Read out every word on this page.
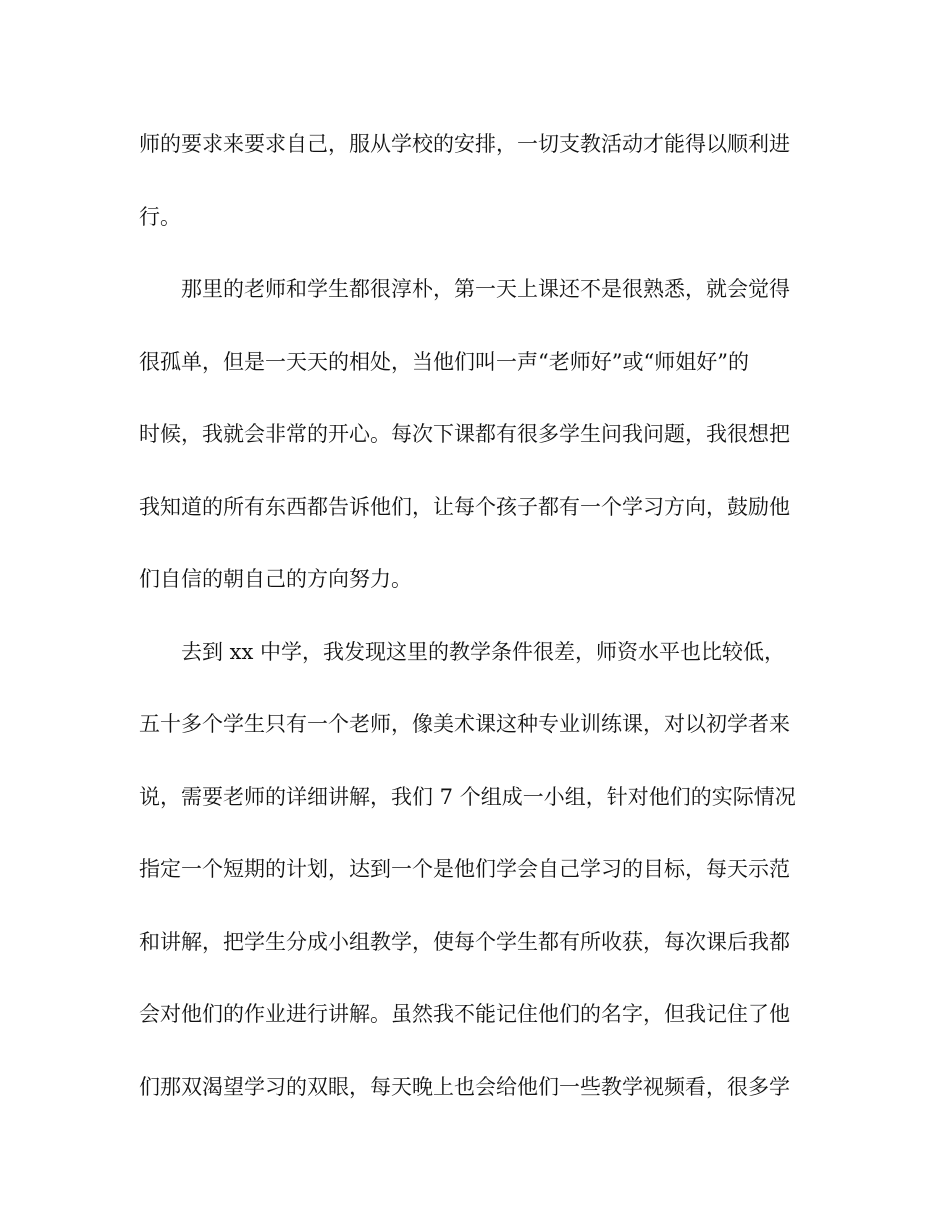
师的要求来要求自己，服从学校的安排，一切支教活动才能得以顺利进
行。
那里的老师和学生都很淳朴，第一天上课还不是很熟悉，就会觉得
很孤单，但是一天天的相处，当他们叫一声“老师好”或“师姐好”的
时候，我就会非常的开心。每次下课都有很多学生问我问题，我很想把
我知道的所有东西都告诉他们，让每个孩子都有一个学习方向，鼓励他
们自信的朝自己的方向努力。
去到 xx 中学，我发现这里的教学条件很差，师资水平也比较低，
五十多个学生只有一个老师，像美术课这种专业训练课，对以初学者来
说，需要老师的详细讲解，我们 7 个组成一小组，针对他们的实际情况
指定一个短期的计划，达到一个是他们学会自己学习的目标，每天示范
和讲解，把学生分成小组教学，使每个学生都有所收获，每次课后我都
会对他们的作业进行讲解。虽然我不能记住他们的名字，但我记住了他
们那双渴望学习的双眼，每天晚上也会给他们一些教学视频看，很多学
